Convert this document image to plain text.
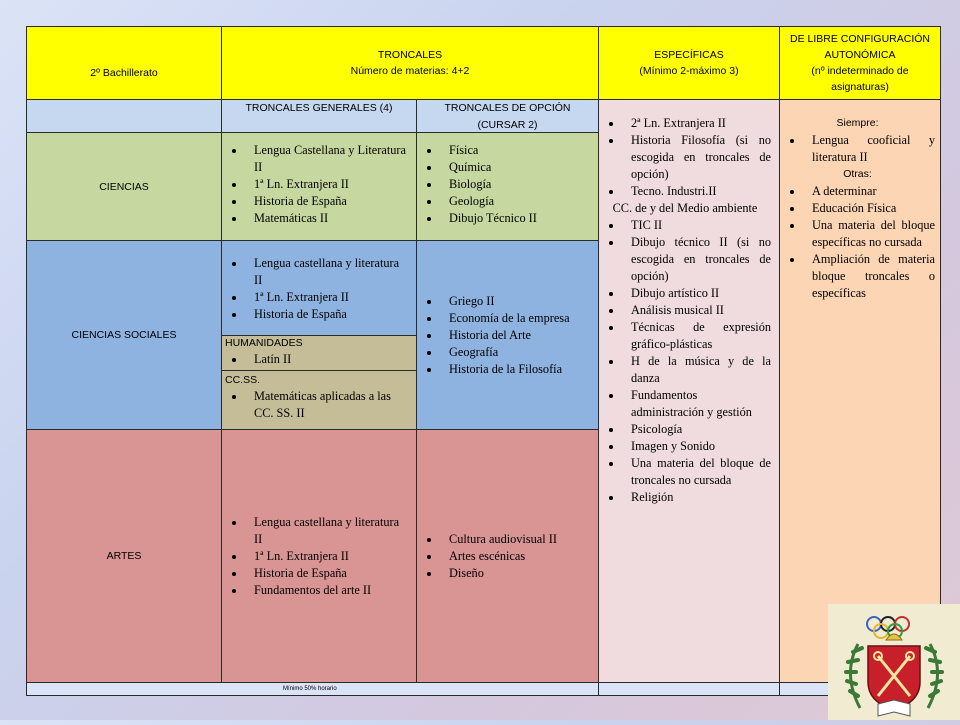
2º Bachillerato
TRONCALES
Número de materias: 4+2
ESPECÍFICAS
(Mínimo 2-máximo 3)
DE LIBRE CONFIGURACIÓN AUTONÓMICA
(nº indeterminado de asignaturas)
TRONCALES GENERALES (4)	TRONCALES DE OPCIÓN (CURSAR 2)	2ª Ln. Extranjera II
Historia Filosofía (si no escogida en troncales de opción)
Tecno. Industri.II
CC. de y del Medio ambiente
TIC II
Dibujo técnico II (si no escogida en troncales de opción)
Dibujo artístico II
Análisis musical II
Técnicas de expresión gráfico-plásticas
H de la música y de la danza
Fundamentos administración y gestión
Psicología
Imagen y Sonido
Una materia del bloque de troncales no cursada
Religión
Siempre:
Lengua cooficial y literatura II
Otras:
A determinar
Educación Física
Una materia del bloque específicas no cursada
Ampliación de materia bloque troncales o específicas
CIENCIAS
Lengua Castellana y Literatura II
1ª Ln. Extranjera II
Historia de España
Matemáticas II
Física
Química
Biología
Geología
Dibujo Técnico II
CIENCIAS SOCIALES
Lengua castellana y literatura II
1ª Ln. Extranjera II
Historia de España
HUMANIDADES
Latín II
CC.SS.
Matemáticas aplicadas a las CC. SS. II
Griego II
Economía de la empresa
Historia del Arte
Geografía
Historia de la Filosofía
ARTES
Lengua castellana y literatura II
1ª Ln. Extranjera II
Historia de España
Fundamentos del arte II
Cultura audiovisual II
Artes escénicas
Diseño
Mínimo 50% horario
